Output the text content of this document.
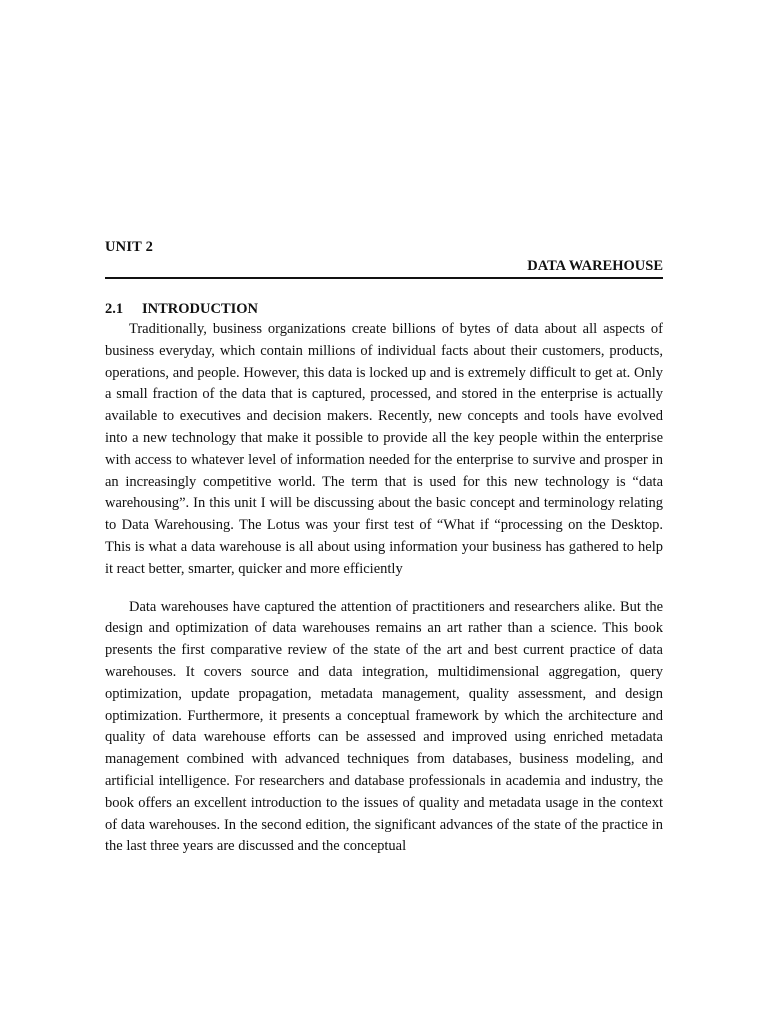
UNIT 2

DATA WAREHOUSE

2.1 INTRODUCTION

Traditionally, business organizations create billions of bytes of data about all aspects of business everyday, which contain millions of individual facts about their customers, products, operations, and people. However, this data is locked up and is extremely difficult to get at. Only a small fraction of the data that is captured, processed, and stored in the enterprise is actually available to executives and decision makers. Recently, new concepts and tools have evolved into a new technology that make it possible to provide all the key people within the enterprise with access to whatever level of information needed for the enterprise to survive and prosper in an increasingly competitive world. The term that is used for this new technology is “data warehousing”. In this unit I will be discussing about the basic concept and terminology relating to Data Warehousing. The Lotus was your first test of “What if “processing on the Desktop. This is what a data warehouse is all about using information your business has gathered to help it react better, smarter, quicker and more efficiently

Data warehouses have captured the attention of practitioners and researchers alike. But the design and optimization of data warehouses remains an art rather than a science. This book presents the first comparative review of the state of the art and best current practice of data warehouses. It covers source and data integration, multidimensional aggregation, query optimization, update propagation, metadata management, quality assessment, and design optimization. Furthermore, it presents a conceptual framework by which the architecture and quality of data warehouse efforts can be assessed and improved using enriched metadata management combined with advanced techniques from databases, business modeling, and artificial intelligence. For researchers and database professionals in academia and industry, the book offers an excellent introduction to the issues of quality and metadata usage in the context of data warehouses. In the second edition, the significant advances of the state of the practice in the last three years are discussed and the conceptual
